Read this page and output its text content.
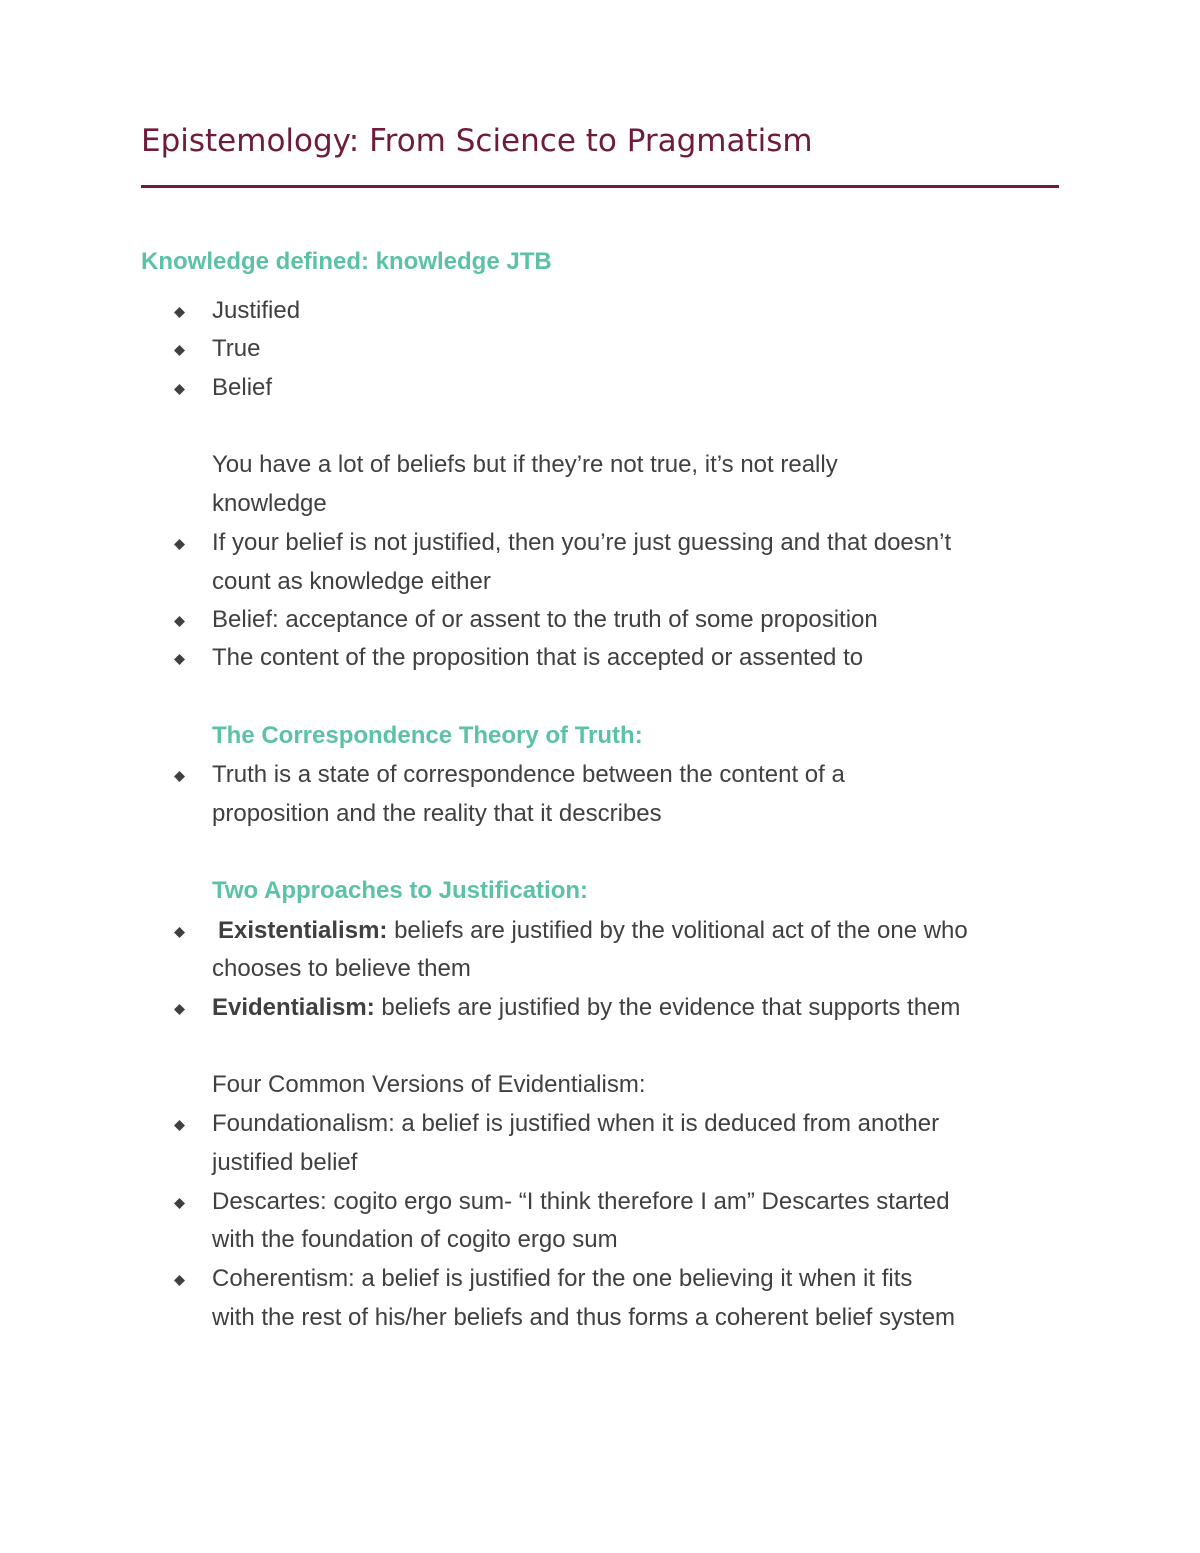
Epistemology: From Science to Pragmatism
Knowledge defined: knowledge JTB
Justified
True
Belief
You have a lot of beliefs but if they’re not true, it’s not really
knowledge
If your belief is not justified, then you’re just guessing and that doesn’t
count as knowledge either
Belief: acceptance of or assent to the truth of some proposition
The content of the proposition that is accepted or assented to
The Correspondence Theory of Truth:
Truth is a state of correspondence between the content of a
proposition and the reality that it describes
Two Approaches to Justification:
Existentialism: beliefs are justified by the volitional act of the one who
chooses to believe them
Evidentialism: beliefs are justified by the evidence that supports them
Four Common Versions of Evidentialism:
Foundationalism: a belief is justified when it is deduced from another
justified belief
Descartes: cogito ergo sum- “I think therefore I am” Descartes started
with the foundation of cogito ergo sum
Coherentism: a belief is justified for the one believing it when it fits
with the rest of his/her beliefs and thus forms a coherent belief system
